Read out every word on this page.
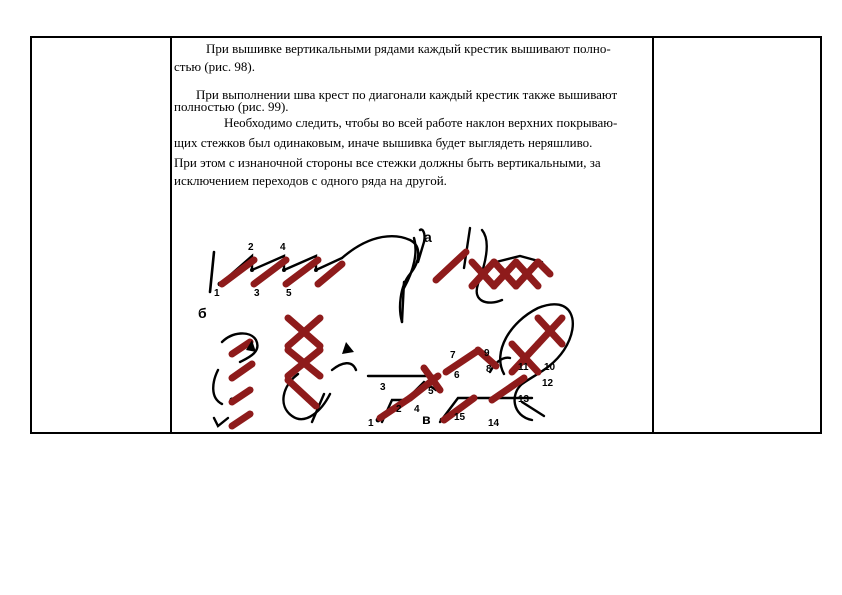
При вышивке вертикальными рядами каждый крестик вышивают полно-
стью (рис. 98).
При выполнении шва крест по диагонали каждый крестик также вышивают
полностью (рис. 99).
Необходимо следить, чтобы во всей работе наклон верхних покрываю-
щих стежков был одинаковым, иначе вышивка будет выглядеть неряшливо.
При этом с изнаночной стороны все стежки должны быть вертикальными, за
исключением переходов с одного ряда на другой.
а
б
в
1
2
3
4
5
1
2
3
4
5
6
7
8
9
10
11
12
13
14
15
